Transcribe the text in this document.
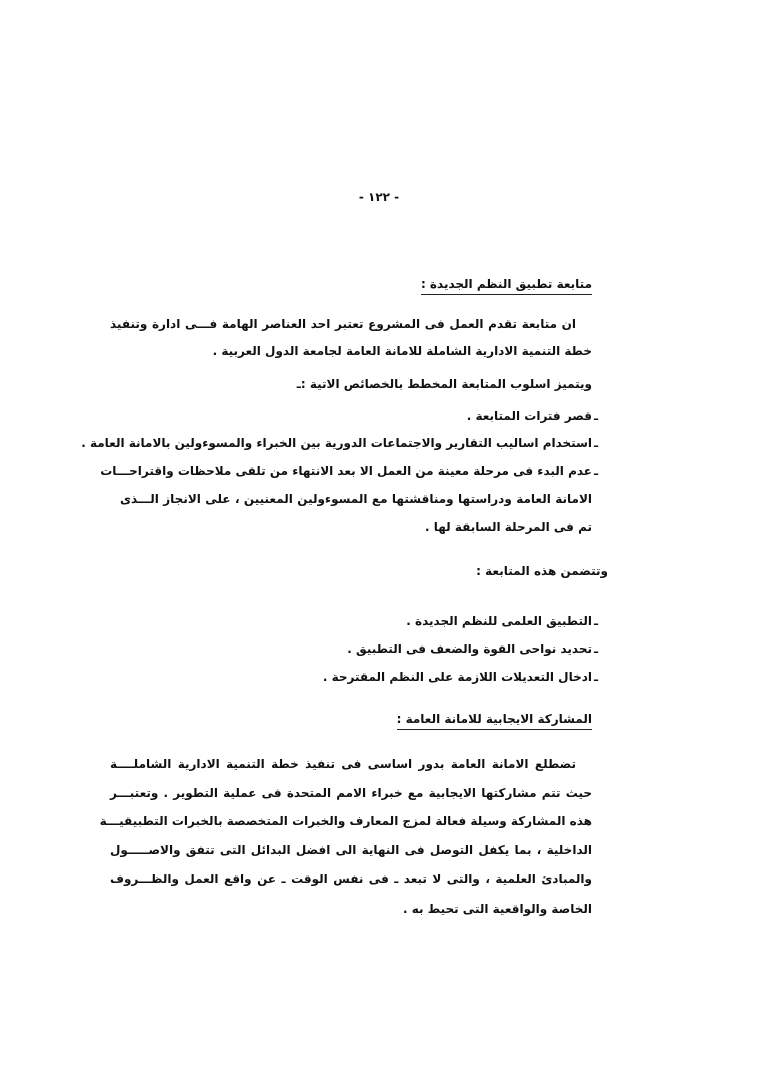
- ١٢٢ -
متابعة تطبيق النظم الجديدة :
ان متابعة تقدم العمل فى المشروع تعتبر احد العناصر الهامة فـــى ادارة وتنفيذ
خطة التنمية الادارية الشاملة للامانة العامة لجامعة الدول العربية .
ويتميز اسلوب المتابعة المخطط بالخصائص الاتية :ـ
ـ
قصر فترات المتابعة .
ـ
استخدام اساليب التقارير والاجتماعات الدورية بين الخبراء والمسوءولين بالامانة العامة .
ـ
عدم البدء فى مرحلة معينة من العمل الا بعد الانتهاء من تلقى ملاحظات واقتراحـــات
الامانة العامة ودراستها ومناقشتها مع المسوءولين المعنيين ، على الانجاز الـــذى
تم فى المرحلة السابقة لها .
وتتضمن هذه المتابعة :
ـ
التطبيق العلمى للنظم الجديدة .
ـ
تحديد نواحى القوة والضعف فى التطبيق .
ـ
ادخال التعديلات اللازمة على النظم المقترحة .
المشاركة الايجابية للامانة العامة :
تضطلع الامانة العامة بدور اساسى فى تنفيذ خطة التنمية الادارية الشاملــــة
حيث تتم مشاركتها الايجابية مع خبراء الامم المتحدة فى عملية التطوير . وتعتبـــر
هذه المشاركة وسيلة فعالة لمزج المعارف والخبرات المتخصصة بالخبرات التطبيقيـــة
الداخلية ، بما يكفل التوصل فى النهاية الى افضل البدائل التى تتفق والاصـــــول
والمبادئ العلمية ، والتى لا تبعد ـ فى نفس الوقت ـ عن واقع العمل والظـــروف
الخاصة والواقعية التى تحيط به .
